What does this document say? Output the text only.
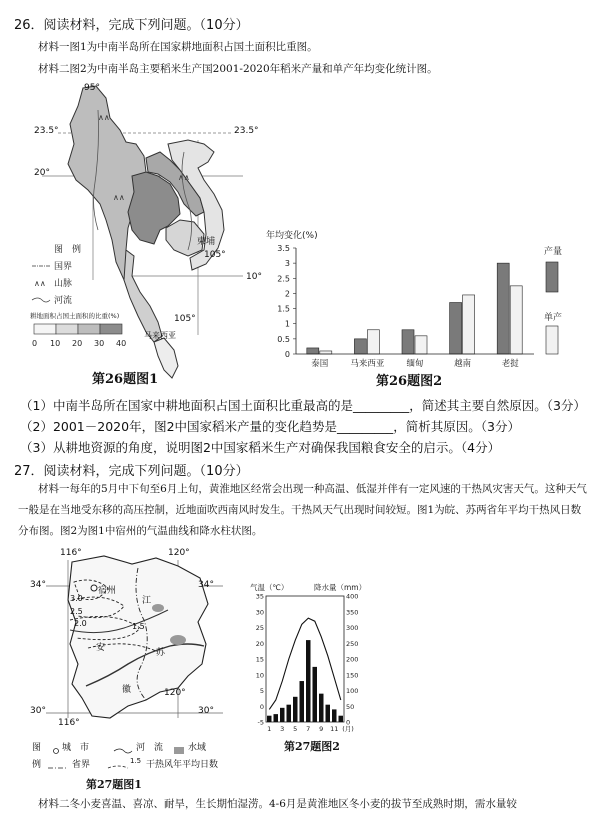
26．阅读材料，完成下列问题。（10分）
材料一图1为中南半岛所在国家耕地面积占国土面积比重图。
材料二图2为中南半岛主要稻米生产国2001-2020年稻米产量和单产年均变化统计图。
∧∧
∧∧
∧∧
图　例
国界
∧∧ 山脉
河流
耕地面积占国土面积的比重(%)
0 10 20 30 40
95°
23.5°	23.5°
20°
10°
105°
105°
柬埔
马来西亚
第26题图1
年均变化(%)
0
0.5
1
1.5
2
2.5
3
3.5
泰国	马来西亚	缅甸	越南	老挝
产量
单产
第26题图2
（1）中南半岛所在国家中耕地面积占国土面积比重最高的是_________，简述其主要自然原因。（3分）
（2）2001－2020年，图2中国家稻米产量的变化趋势是_________，简析其原因。（3分）
（3）从耕地资源的角度，说明图2中国家稻米生产对确保我国粮食安全的启示。（4分）
27．阅读材料，完成下列问题。（10分）
材料一每年的5月中下旬至6月上旬，黄淮地区经常会出现一种高温、低湿并伴有一定风速的干热风灾害天气。这种天气一般是在当地受东移的高压控制，近地面吹西南风时发生。干热风天气出现时间较短。图1为皖、苏两省年平均干热风日数分布图。图2为图1中宿州的气温曲线和降水柱状图。
116°	120°
34°	34°
30°	30°
116°
120°
宿州
江
安	苏
徽
3.0
2.5
2.0	1.5
图
例
城　市	河　流	水域
省界	1.5 干热风年平均日数
第27题图1
气温（℃）	降水量（mm）
-5
0
5
10
15
20
25
30
35
0
50
100
150
200
250
300
350
400
1 3 5 7 9 11 (月)
第27题图2
材料二冬小麦喜温、喜凉、耐旱，生长期怕湿涝。4-6月是黄淮地区冬小麦的拔节至成熟时期，需水量较
